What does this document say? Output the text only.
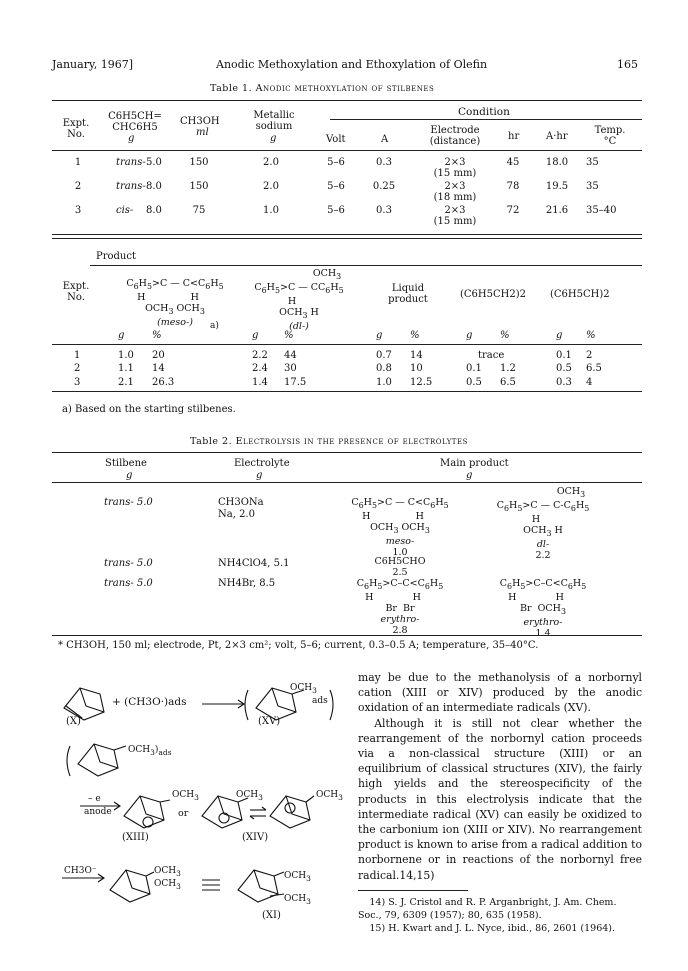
January, 1967]	Anodic Methoxylation and Ethoxylation of Olefin	165
Table 1. Anodic methoxylation of stilbenes
Expt. No.
C6H5CH= CHC6H5
g
CH3OH
ml
Metallic sodium
g
Condition
Volt	A
Electrode (distance)	hr	A·hr
Temp. °C
1	trans- 5.0	150	2.0	5–6	0.3	2×3	45	18.0	35
(15 mm)
2	trans- 8.0	150	2.0	5–6	0.25	2×3	78	19.5	35
(18 mm)
3	cis-	8.0	75	1.0	5–6	0.3	2×3	72	21.6	35–40
(15 mm)
Product
Expt. No.
$C_6H_5>C$ — $C<C_6H_5$
H               H
$OCH_3$ $OCH_3$
(meso-)
$OCH_3$
$C_6H_5>C$ — $CC_6H_5$
H
$OCH_3$ H
(dl-)
Liquid product	(C6H5CH2)2 (C6H5CH)2
a)
g	%	g	%	g	%	g	%	g %
1	1.0 20	2.2 44	0.7 14	trace	0.1 2
2	1.1 14	2.4 30	0.8 10	0.1 1.2	0.5 6.5
3	2.1 26.3	1.4 17.5	1.0 12.5	0.5 6.5	0.3 4
a) Based on the starting stilbenes.
Table 2. Electrolysis in the presence of electrolytes
Stilbene
g
Electrolyte
g
Main product
g
trans- 5.0	CH3ONa
Na, 2.0
$C_6H_5>C$ — $C<C_6H_5$
H               H
$OCH_3$ $OCH_3$
meso-
1.0
$OCH_3$
$C_6H_5>C$ — $C-C_6H_5$
H
$OCH_3$ H
dl-
2.2
trans- 5.0	NH4ClO4, 5.1	C6H5CHO
2.5
trans- 5.0	NH4Br, 8.5	$C_6H_5>C-C<C_6H_5$
H             H
Br  Br
erythro-
2.8
$C_6H_5>C-C<C_6H_5$
H             H
Br  $OCH_3$
erythro-
1.4
* CH3OH, 150 ml; electrode, Pt, 2×3 cm²; volt, 5–6; current, 0.3–0.5 A; temperature, 35–40°C.
+ (CH3O·)ads	ads
$OCH_3$
(X)	(XV)
$OCH_3)_{ads}$
– e
anode	or
$OCH_3$	$OCH_3$	$OCH_3$
(XIII)	(XIV)
CH3O⁻	$OCH_3$
$OCH_3$
$OCH_3$
$OCH_3$
(XI)
may be due to the methanolysis of a norbornyl cation (XIII or XIV) produced by the anodic oxidation of an intermediate radicals (XV).
Although it is still not clear whether the rearrangement of the norbornyl cation proceeds via a non-classical structure (XIII) or an equilibrium of classical structures (XIV), the fairly high yields and the stereospecificity of the products in this electrolysis indicate that the intermediate radical (XV) can easily be oxidized to the carbonium ion (XIII or XIV). No rearrangement product is known to arise from a radical addition to norbornene or in reactions of the norbornyl free radical.14,15)
14) S. J. Cristol and R. P. Arganbright, J. Am. Chem. Soc., 79, 6309 (1957); 80, 635 (1958).
15) H. Kwart and J. L. Nyce, ibid., 86, 2601 (1964).
